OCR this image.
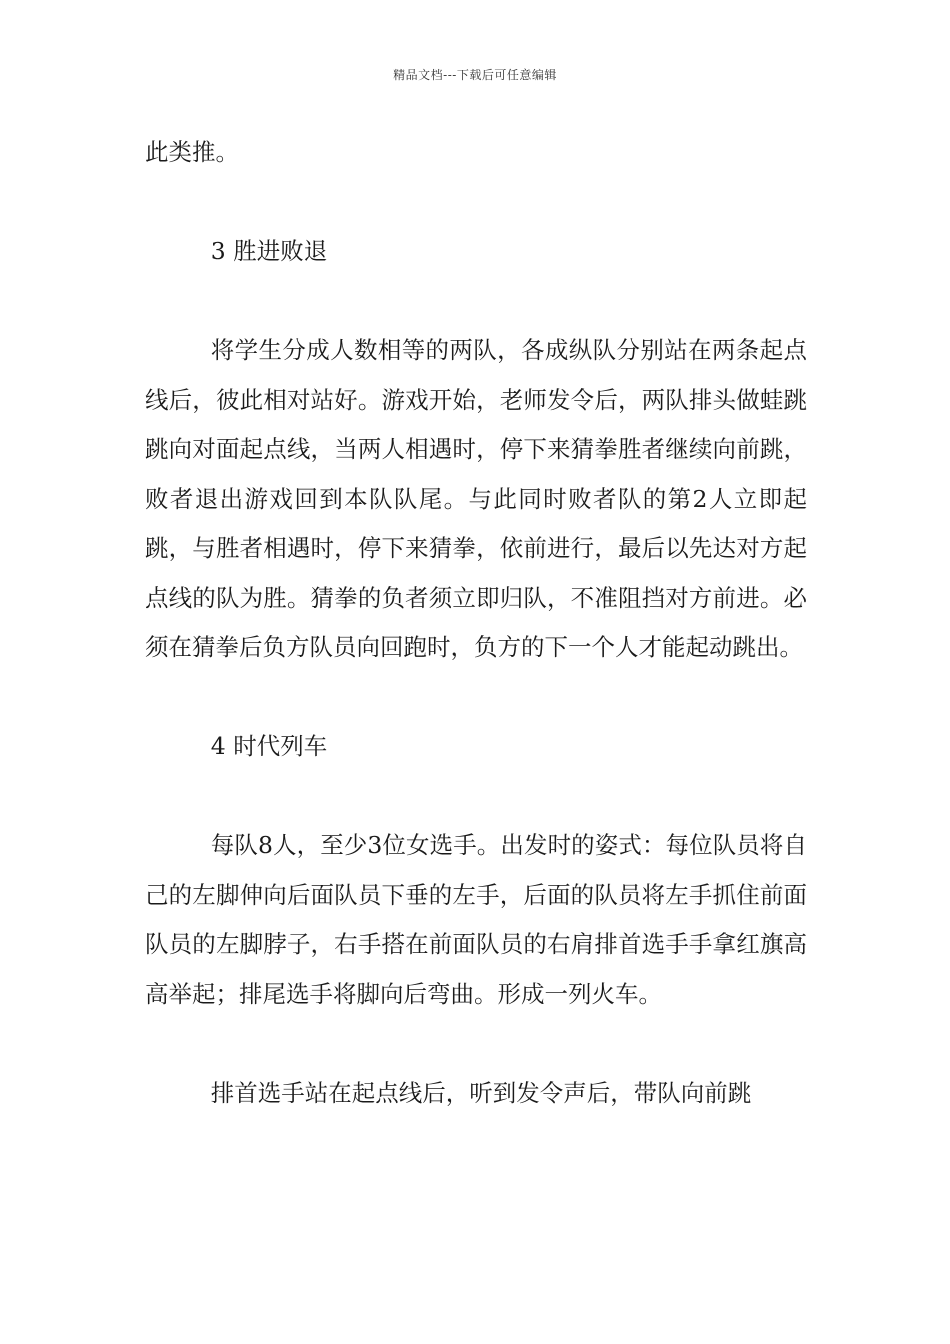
精品文档---下载后可任意编辑

此类推。

3 胜进败退

将学生分成人数相等的两队，各成纵队分别站在两条起点线后，彼此相对站好。游戏开始，老师发令后，两队排头做蛙跳跳向对面起点线，当两人相遇时，停下来猜拳胜者继续向前跳，败者退出游戏回到本队队尾。与此同时败者队的第2人立即起跳，与胜者相遇时，停下来猜拳，依前进行，最后以先达对方起点线的队为胜。猜拳的负者须立即归队，不准阻挡对方前进。必须在猜拳后负方队员向回跑时，负方的下一个人才能起动跳出。

4 时代列车

每队8人，至少3位女选手。出发时的姿式：每位队员将自己的左脚伸向后面队员下垂的左手，后面的队员将左手抓住前面队员的左脚脖子，右手搭在前面队员的右肩排首选手手拿红旗高高举起；排尾选手将脚向后弯曲。形成一列火车。

排首选手站在起点线后，听到发令声后，带队向前跳
